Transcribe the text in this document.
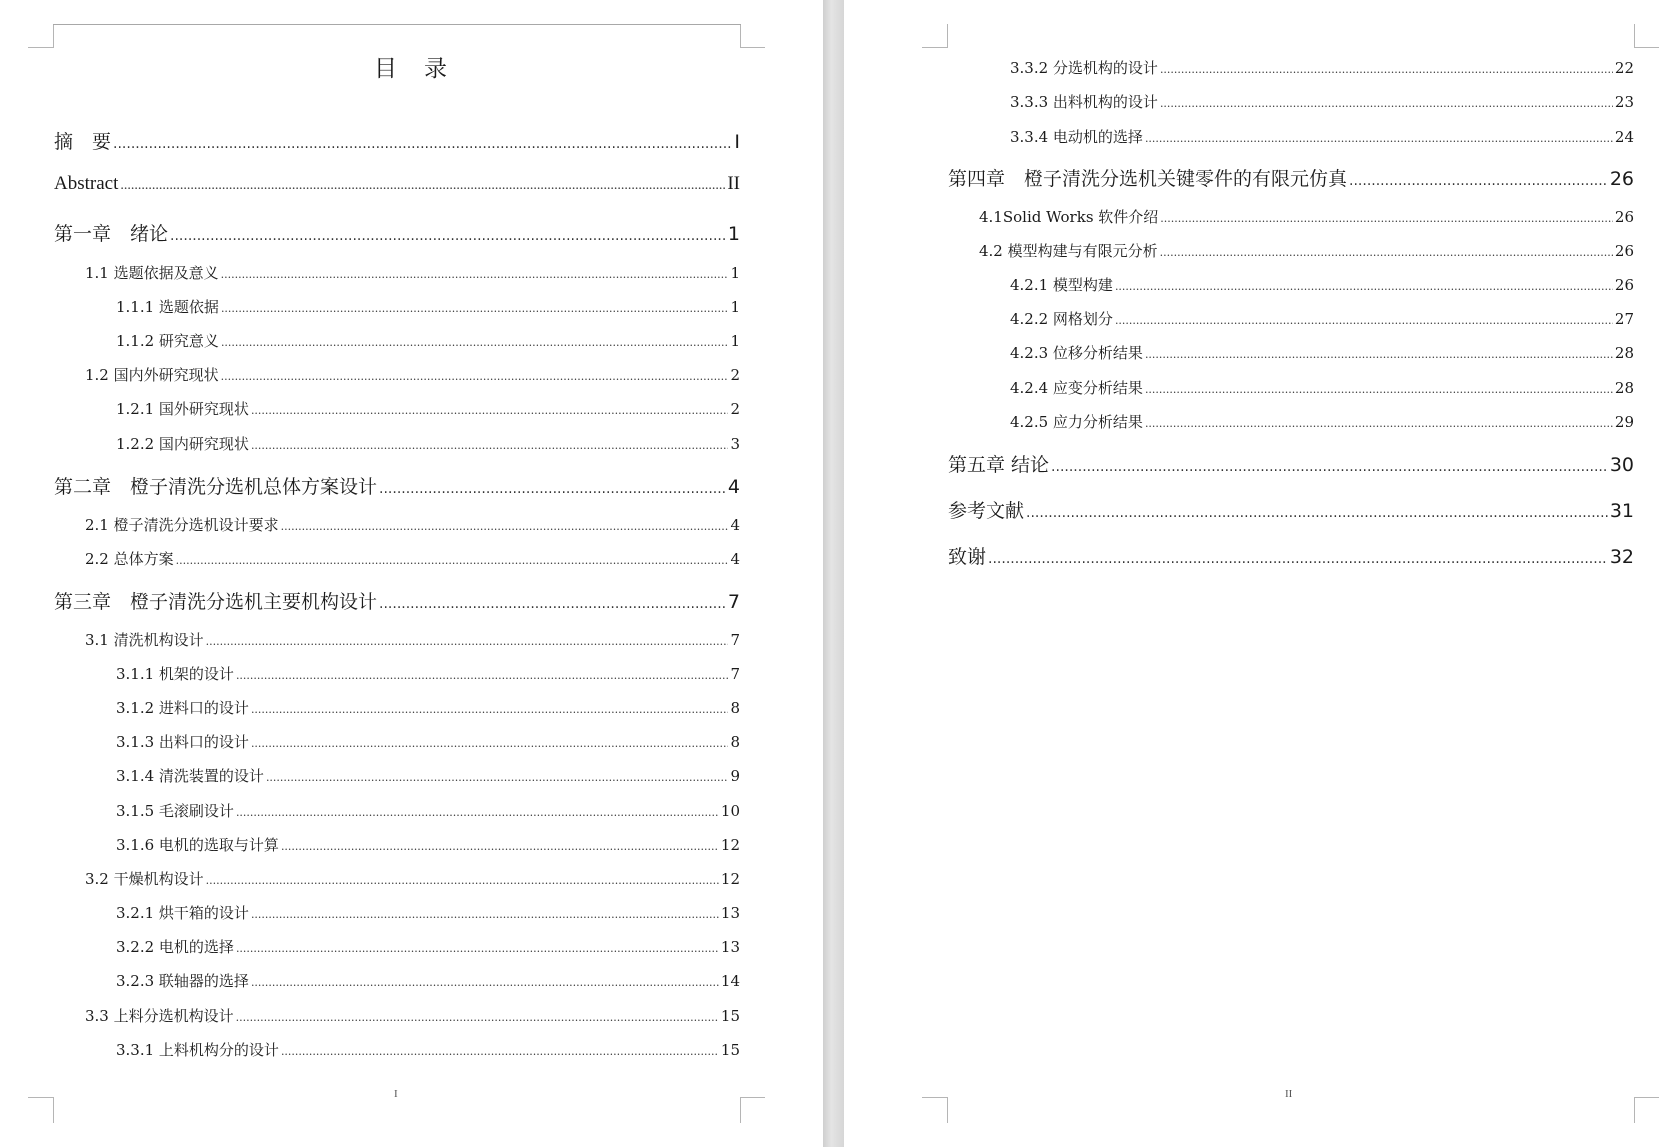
目　录
摘　要 .....	I
Abstract .....	II
第一章　绪论 .....	1
1.1 选题依据及意义 .....	1
1.1.1 选题依据 .....	1
1.1.2 研究意义 .....	1
1.2 国内外研究现状 .....	2
1.2.1 国外研究现状 .....	2
1.2.2 国内研究现状 .....	3
第二章　橙子清洗分选机总体方案设计 .....	4
2.1 橙子清洗分选机设计要求 .....	4
2.2 总体方案 .....	4
第三章　橙子清洗分选机主要机构设计 .....	7
3.1 清洗机构设计 .....	7
3.1.1 机架的设计 .....	7
3.1.2 进料口的设计 .....	8
3.1.3 出料口的设计 .....	8
3.1.4 清洗装置的设计 .....	9
3.1.5 毛滚刷设计 .....	10
3.1.6 电机的选取与计算 .....	12
3.2 干燥机构设计 .....	12
3.2.1 烘干箱的设计 .....	13
3.2.2 电机的选择 .....	13
3.2.3 联轴器的选择 .....	14
3.3 上料分选机构设计 .....	15
3.3.1 上料机构分的设计 .....	15
I
3.3.2 分选机构的设计 .....	22
3.3.3 出料机构的设计 .....	23
3.3.4 电动机的选择 .....	24
第四章　橙子清洗分选机关键零件的有限元仿真 .....	26
4.1Solid Works 软件介绍 .....	26
4.2 模型构建与有限元分析 .....	26
4.2.1 模型构建 .....	26
4.2.2 网格划分 .....	27
4.2.3 位移分析结果 .....	28
4.2.4 应变分析结果 .....	28
4.2.5 应力分析结果 .....	29
第五章 结论 .....	30
参考文献 .....	31
致谢 .....	32
II
